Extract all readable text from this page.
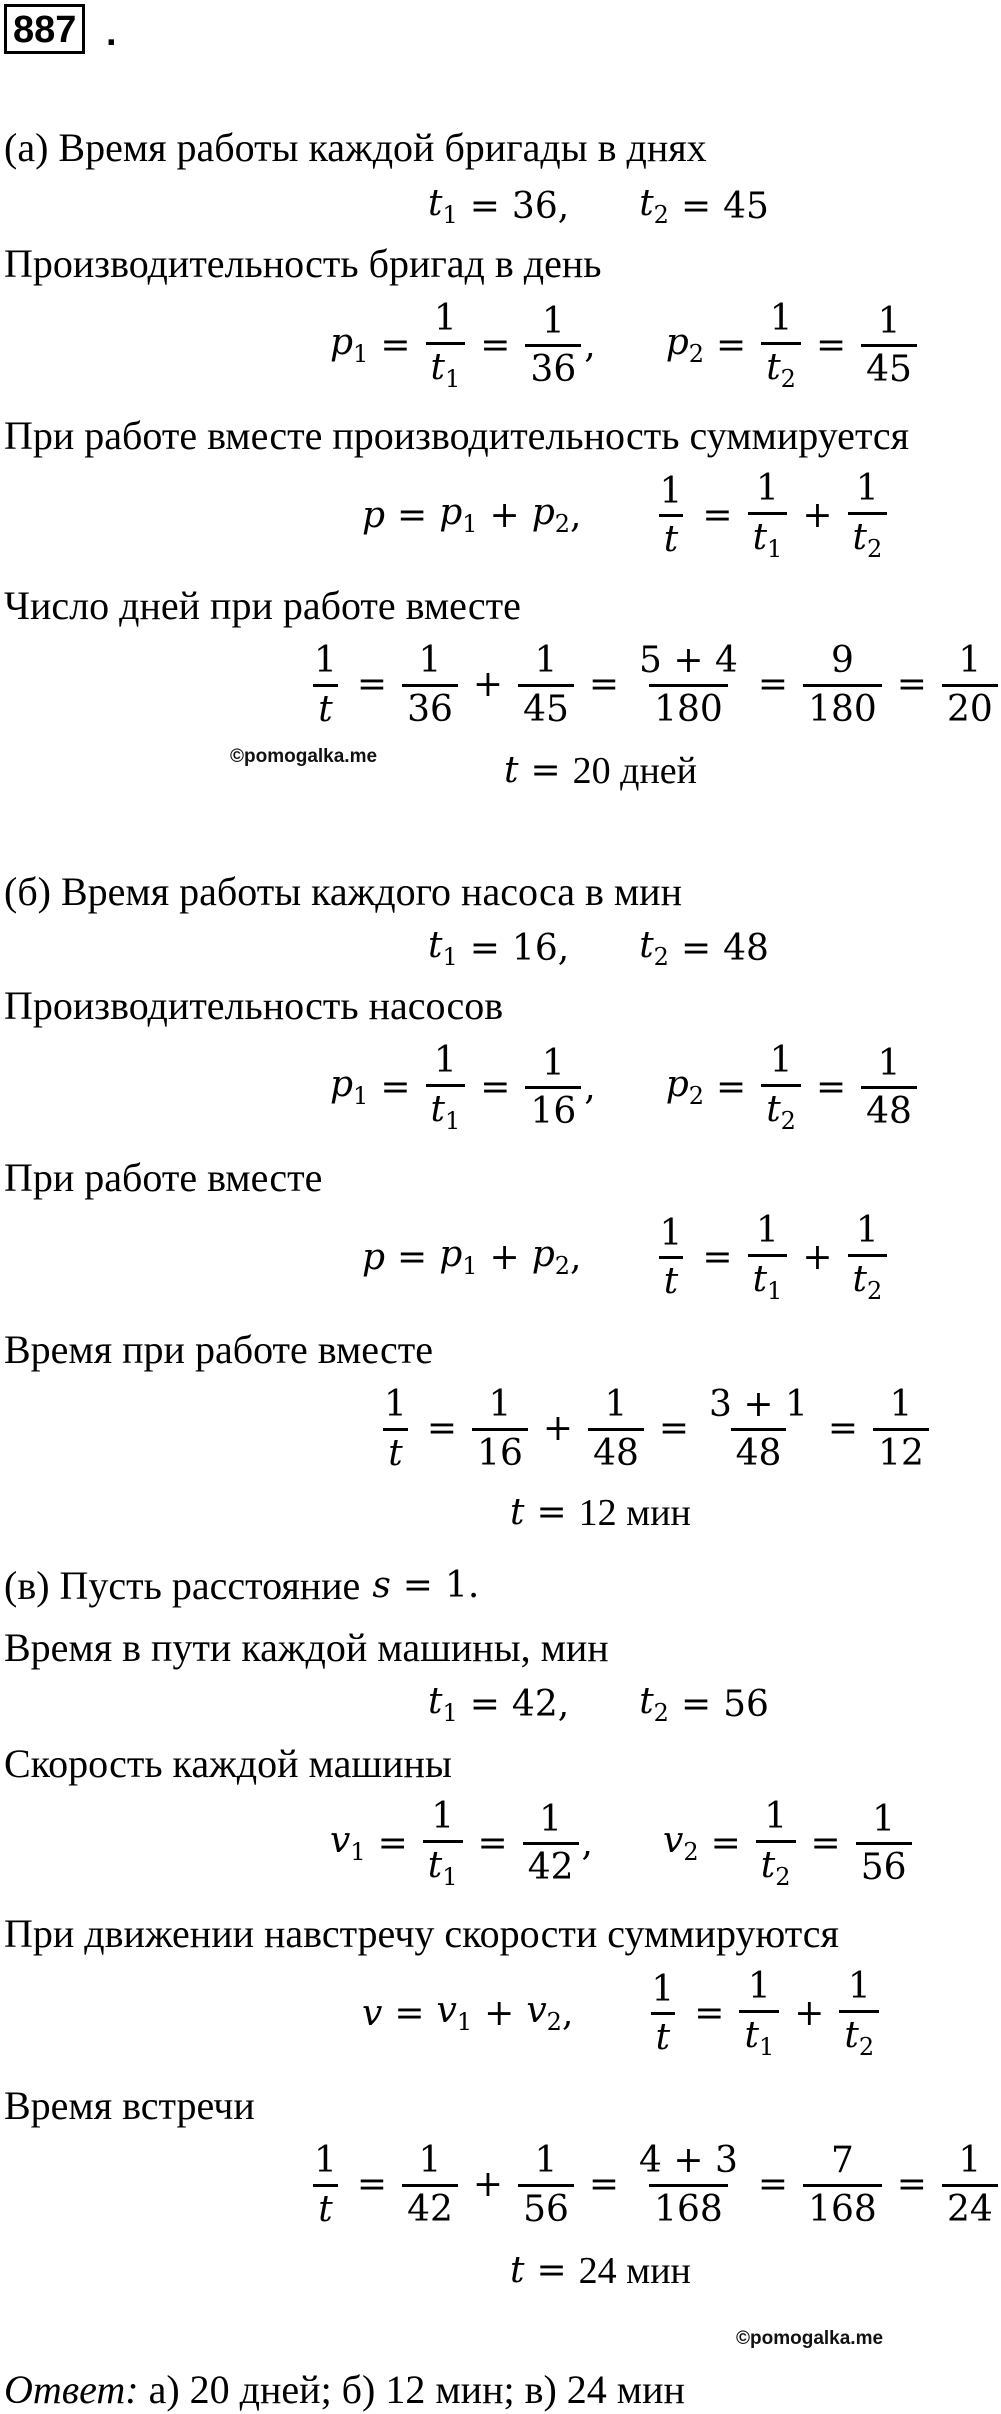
887 .
(а) Время работы каждой бригады в днях
$t_1 = 36$ , $t_2 = 45$
Производительность бригад в день
$p_1 = \frac{1}{t_1} = \frac{1}{36}$ , $p_2 = \frac{1}{t_2} = \frac{1}{45}$
При работе вместе производительность суммируется
$p = p_1 + p_2$ , $\frac{1}{t} = \frac{1}{t_1} + \frac{1}{t_2}$
Число дней при работе вместе
$\frac{1}{t} = \frac{1}{36} + \frac{1}{45} = \frac{5 + 4}{180} = \frac{9}{180} = \frac{1}{20}$
©pomogalka.me	t = 20 дней
(б) Время работы каждого насоса в мин
$t_1 = 16$ , $t_2 = 48$
Производительность насосов
$p_1 = \frac{1}{t_1} = \frac{1}{16}$ , $p_2 = \frac{1}{t_2} = \frac{1}{48}$
При работе вместе
$p = p_1 + p_2$ , $\frac{1}{t} = \frac{1}{t_1} + \frac{1}{t_2}$
Время при работе вместе
$\frac{1}{t} = \frac{1}{16} + \frac{1}{48} = \frac{3 + 1}{48} = \frac{1}{12}$
t = 12 мин
(в) Пусть расстояние s = 1 .
Время в пути каждой машины, мин
$t_1 = 42$ , $t_2 = 56$
Скорость каждой машины
$v_1 = \frac{1}{t_1} = \frac{1}{42}$ , $v_2 = \frac{1}{t_2} = \frac{1}{56}$
При движении навстречу скорости суммируются
$v = v_1 + v_2$ , $\frac{1}{t} = \frac{1}{t_1} + \frac{1}{t_2}$
Время встречи
$\frac{1}{t} = \frac{1}{42} + \frac{1}{56} = \frac{4 + 3}{168} = \frac{7}{168} = \frac{1}{24}$
t = 24 мин
©pomogalka.me
Ответ: а) 20 дней; б) 12 мин; в) 24 мин
